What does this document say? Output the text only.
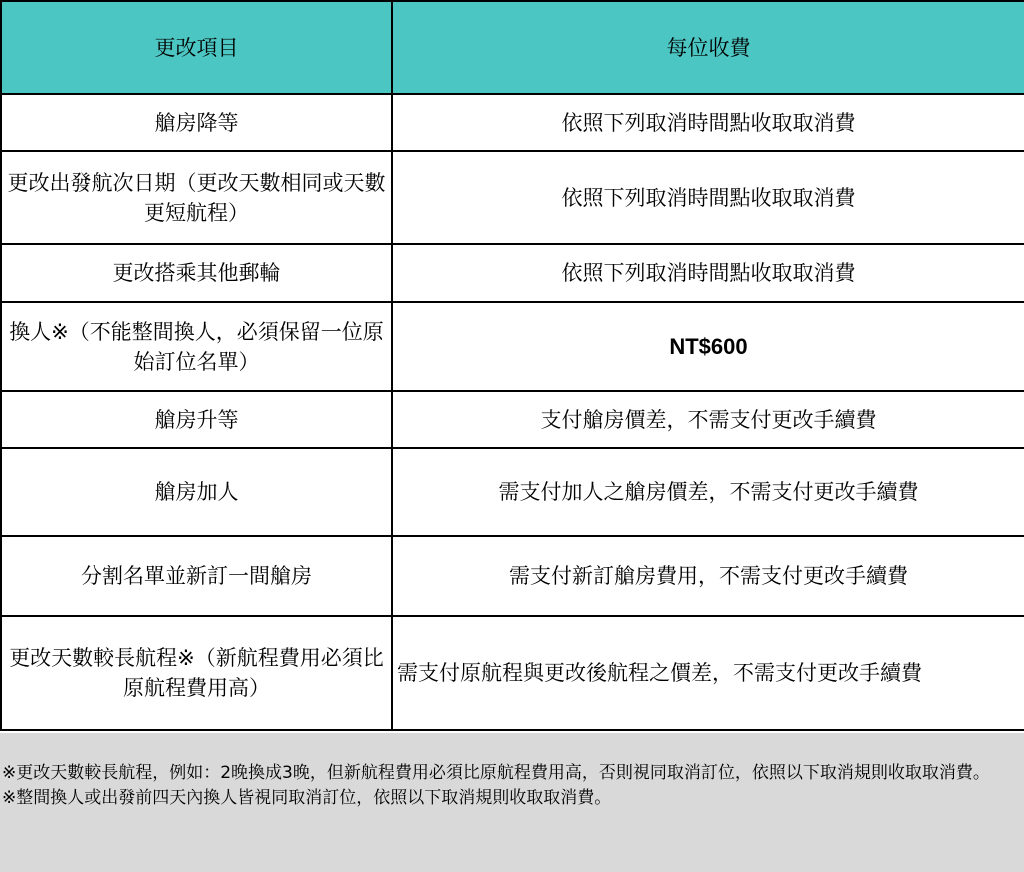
更改項目	每位收費
艙房降等	依照下列取消時間點收取取消費
更改出發航次日期（更改天數相同或天數更短航程）	依照下列取消時間點收取取消費
更改搭乘其他郵輪	依照下列取消時間點收取取消費
換人※（不能整間換人，必須保留一位原始訂位名單）	NT$600
艙房升等	支付艙房價差，不需支付更改手續費
艙房加人	需支付加人之艙房價差，不需支付更改手續費
分割名單並新訂一間艙房	需支付新訂艙房費用，不需支付更改手續費
更改天數較長航程※（新航程費用必須比原航程費用高）	需支付原航程與更改後航程之價差，不需支付更改手續費

※更改天數較長航程，例如：2晚換成3晚，但新航程費用必須比原航程費用高，否則視同取消訂位，依照以下取消規則收取取消費。

※整間換人或出發前四天內換人皆視同取消訂位，依照以下取消規則收取取消費。
